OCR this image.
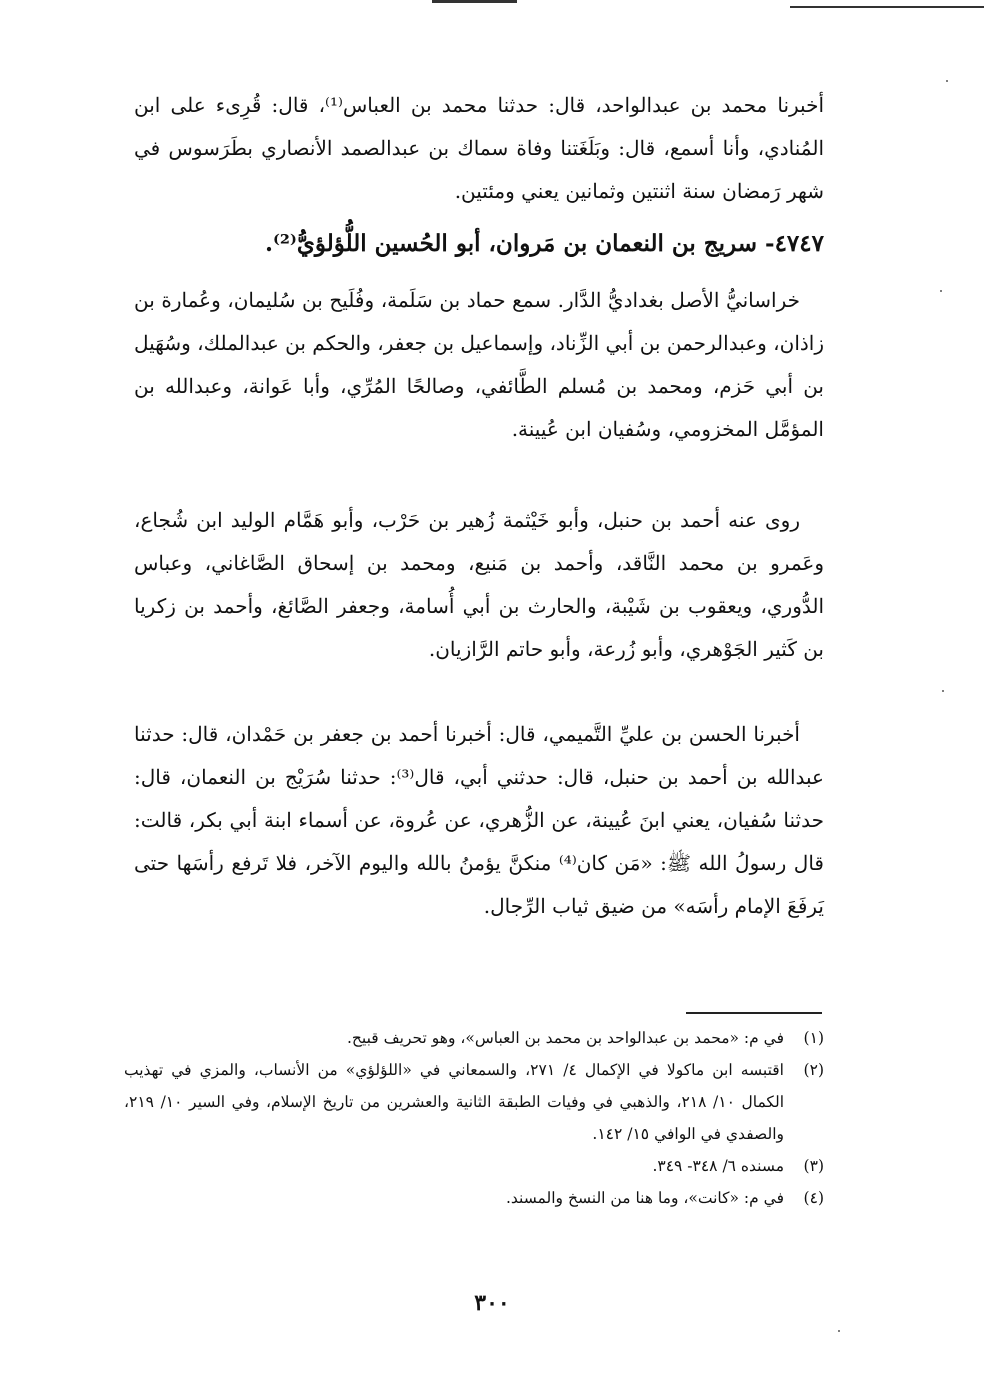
أخبرنا محمد بن عبدالواحد، قال: حدثنا محمد بن العباس⁽¹⁾، قال: قُرِىء على ابن المُنادي، وأنا أسمع، قال: وبَلَغَتنا وفاة سماك بن عبدالصمد الأنصاري بطَرَسوس في شهر رَمضان سنة اثنتين وثمانين يعني ومئتين.
٤٧٤٧- سريج بن النعمان بن مَروان، أبو الحُسين اللُّؤلؤيُّ⁽²⁾.
خراسانيُّ الأصل بغداديُّ الدَّار. سمع حماد بن سَلَمة، وفُلَيح بن سُليمان، وعُمارة بن زاذان، وعبدالرحمن بن أبي الزِّناد، وإسماعيل بن جعفر، والحكم بن عبدالملك، وسُهَيل بن أبي حَزم، ومحمد بن مُسلم الطَّائفي، وصالحًا المُرِّي، وأبا عَوانة، وعبدالله بن المؤمَّل المخزومي، وسُفيان ابن عُيينة.
روى عنه أحمد بن حنبل، وأبو خَيْثمة زُهير بن حَرْب، وأبو هَمَّام الوليد ابن شُجاع، وعَمرو بن محمد النَّاقد، وأحمد بن مَنيع، ومحمد بن إسحاق الصَّاغاني، وعباس الدُّوري، ويعقوب بن شَيْبة، والحارث بن أبي أُسامة، وجعفر الصَّائغ، وأحمد بن زكريا بن كَثير الجَوْهري، وأبو زُرعة، وأبو حاتم الرَّازيان.
أخبرنا الحسن بن عليِّ التَّميمي، قال: أخبرنا أحمد بن جعفر بن حَمْدان، قال: حدثنا عبدالله بن أحمد بن حنبل، قال: حدثني أبي، قال⁽³⁾: حدثنا سُرَيْج بن النعمان، قال: حدثنا سُفيان، يعني ابنَ عُيينة، عن الزُّهري، عن عُروة، عن أسماء ابنة أبي بكر، قالت: قال رسولُ الله ﷺ: «مَن كان⁽⁴⁾ منكنَّ يؤمنُ بالله واليوم الآخر، فلا تَرفع رأسَها حتى يَرفَعَ الإمام رأسَه» من ضيق ثياب الرِّجال.
(١)
في م: «محمد بن عبدالواحد بن محمد بن العباس»، وهو تحريف قبيح.
(٢)
اقتبسه ابن ماكولا في الإكمال ٤/ ٢٧١، والسمعاني في «اللؤلؤي» من الأنساب، والمزي في تهذيب الكمال ١٠/ ٢١٨، والذهبي في وفيات الطبقة الثانية والعشرين من تاريخ الإسلام، وفي السير ١٠/ ٢١٩، والصفدي في الوافي ١٥/ ١٤٢.
(٣)
مسنده ٦/ ٣٤٨- ٣٤٩.
(٤)
في م: «كانت»، وما هنا من النسخ والمسند.
٣٠٠
